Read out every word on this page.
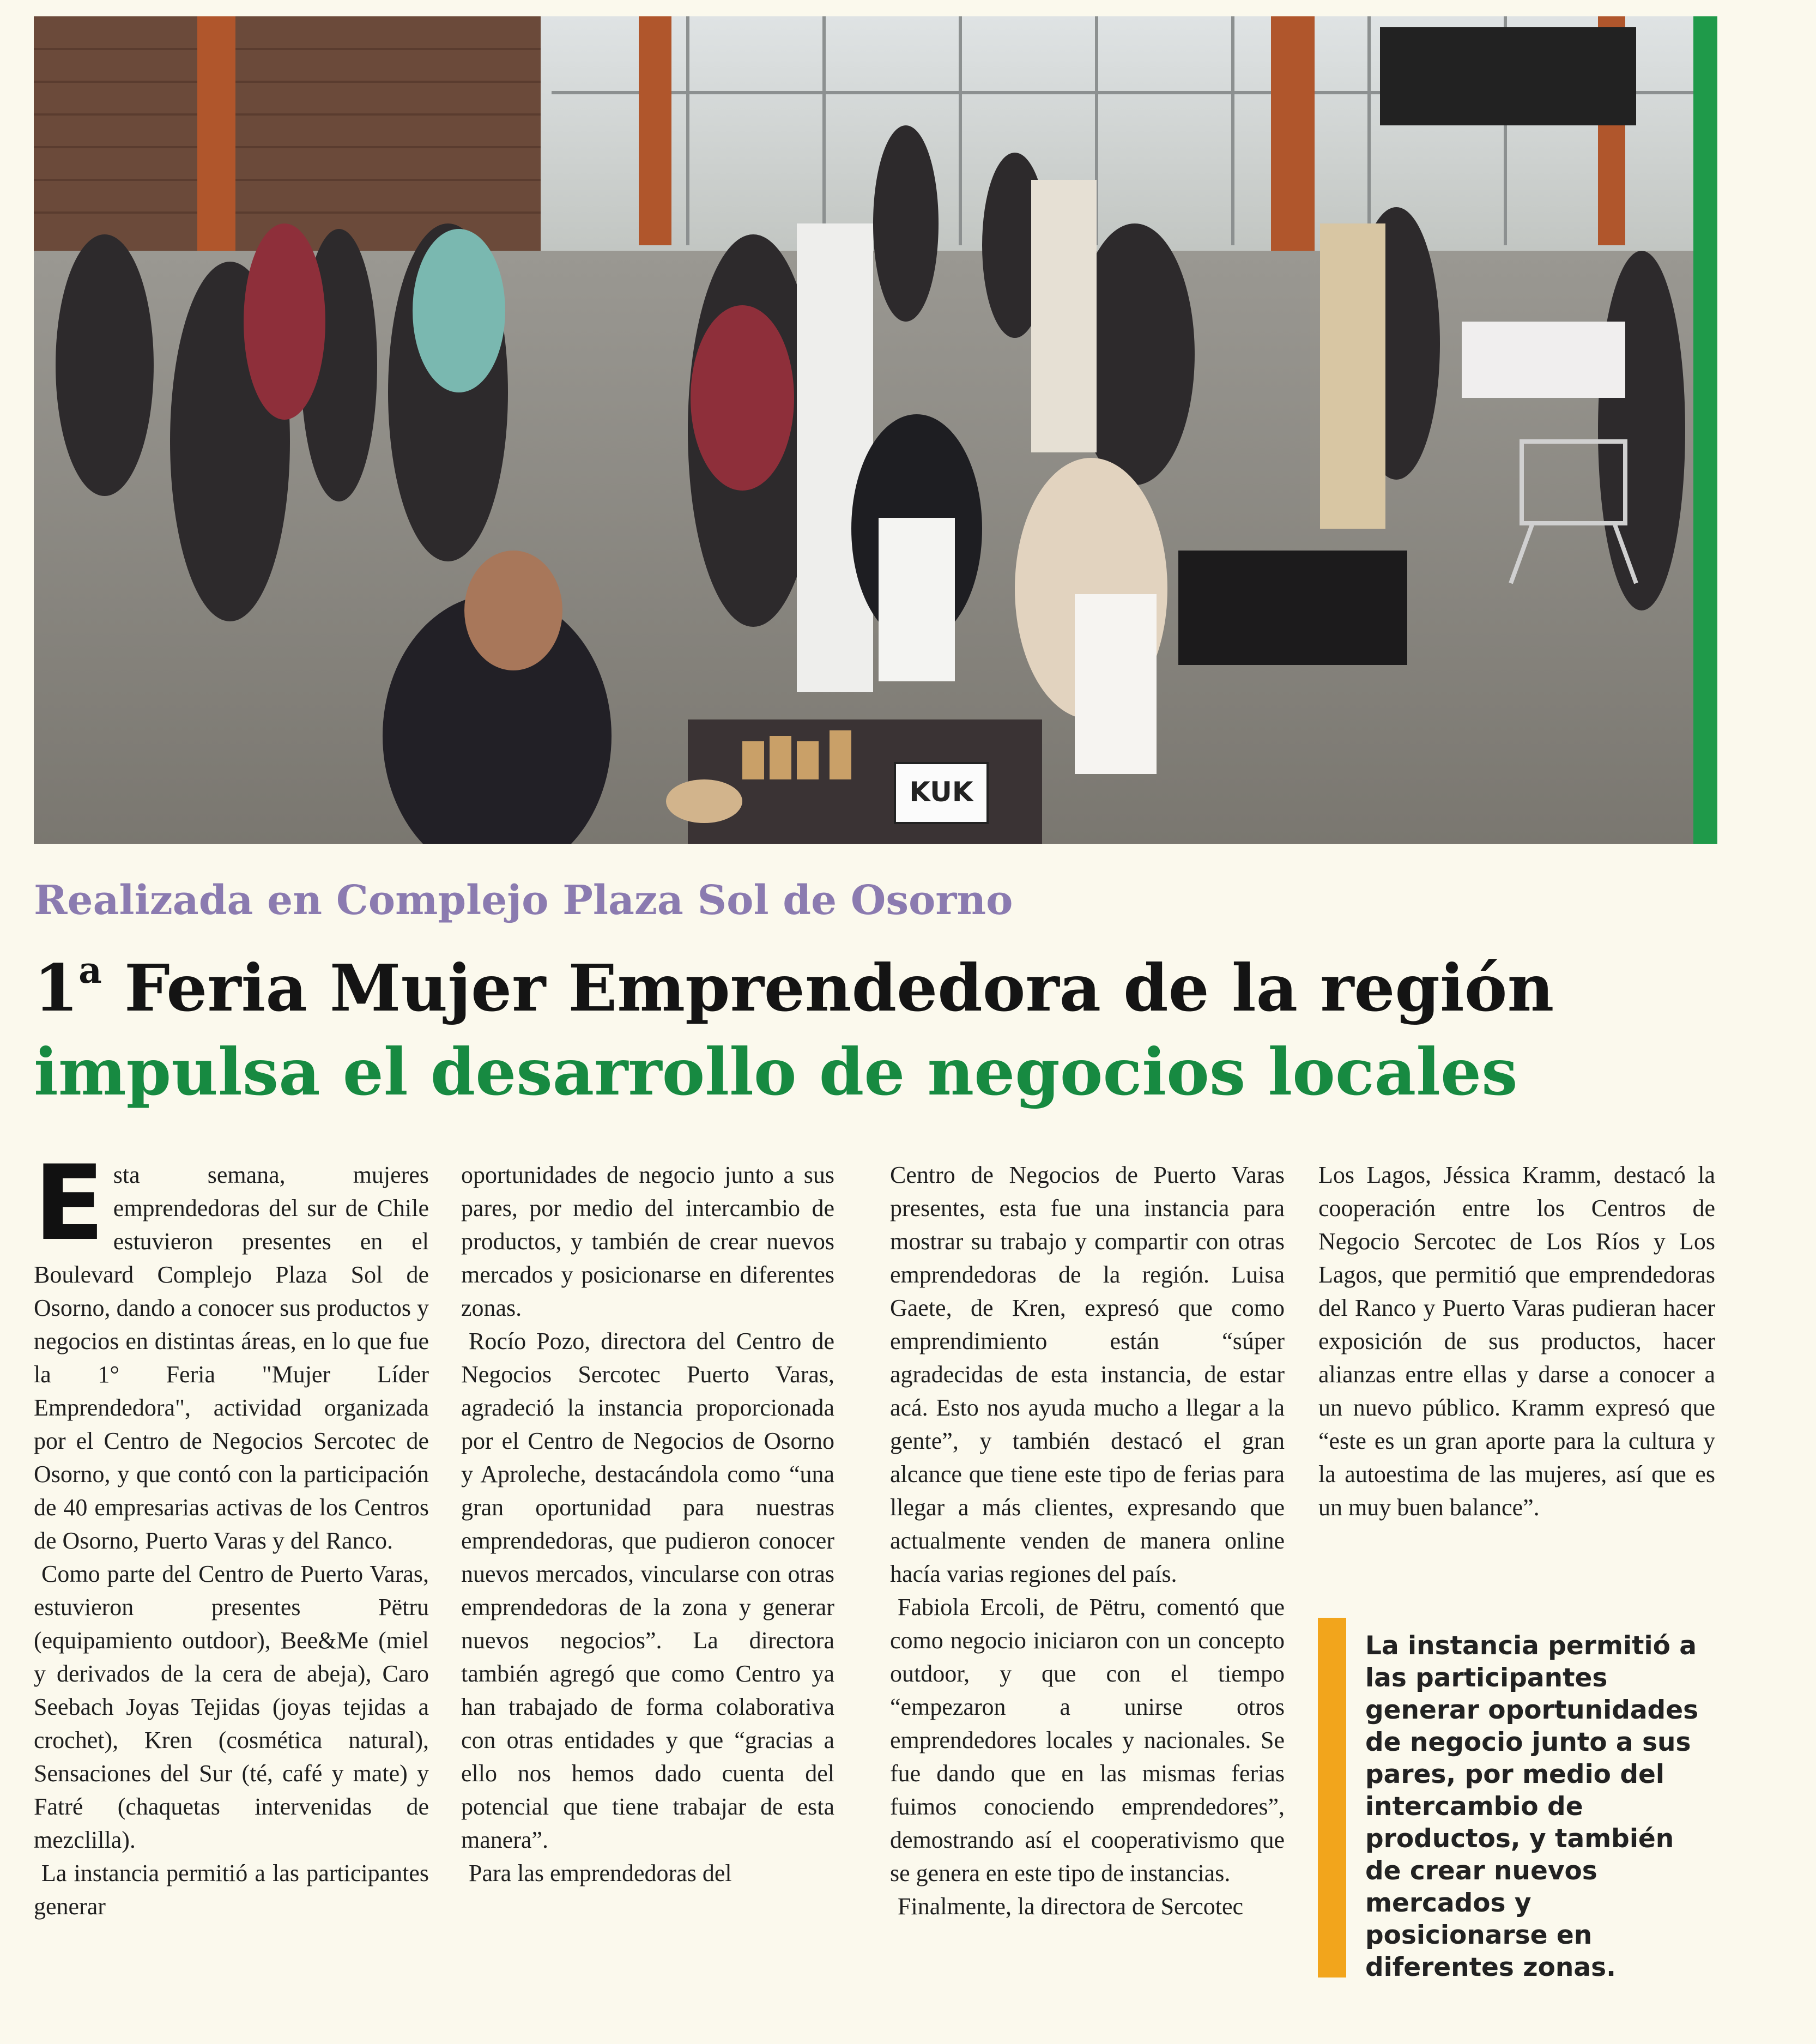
KUK
Realizada en Complejo Plaza Sol de Osorno
1$^a$ Feria Mujer Emprendedora de la región
impulsa el desarrollo de negocios locales

Esta semana, mujeres emprendedoras del sur de Chile estuvieron presentes en el Boulevard Complejo Plaza Sol de Osorno, dando a conocer sus productos y negocios en distintas áreas, en lo que fue la 1° Feria "Mujer Líder Emprendedora", actividad organizada por el Centro de Negocios Sercotec de Osorno, y que contó con la participación de 40 empresarias activas de los Centros de Osorno, Puerto Varas y del Ranco.

Como parte del Centro de Puerto Varas, estuvieron presentes Pëtru (equipamiento outdoor), Bee&Me (miel y derivados de la cera de abeja), Caro Seebach Joyas Tejidas (joyas tejidas a crochet), Kren (cosmética natural), Sensaciones del Sur (té, café y mate) y Fatré (chaquetas intervenidas de mezclilla).

La instancia permitió a las participantes generar

oportunidades de negocio junto a sus pares, por medio del intercambio de productos, y también de crear nuevos mercados y posicionarse en diferentes zonas.

Rocío Pozo, directora del Centro de Negocios Sercotec Puerto Varas, agradeció la instancia proporcionada por el Centro de Negocios de Osorno y Aproleche, destacándola como “una gran oportunidad para nuestras emprendedoras, que pudieron conocer nuevos mercados, vincularse con otras emprendedoras de la zona y generar nuevos negocios”. La directora también agregó que como Centro ya han trabajado de forma colaborativa con otras entidades y que “gracias a ello nos hemos dado cuenta del potencial que tiene trabajar de esta manera”.

Para las emprendedoras del

Centro de Negocios de Puerto Varas presentes, esta fue una instancia para mostrar su trabajo y compartir con otras emprendedoras de la región. Luisa Gaete, de Kren, expresó que como emprendimiento están “súper agradecidas de esta instancia, de estar acá. Esto nos ayuda mucho a llegar a la gente”, y también destacó el gran alcance que tiene este tipo de ferias para llegar a más clientes, expresando que actualmente venden de manera online hacía varias regiones del país.

Fabiola Ercoli, de Pëtru, comentó que como negocio iniciaron con un concepto outdoor, y que con el tiempo “empezaron a unirse otros emprendedores locales y nacionales. Se fue dando que en las mismas ferias fuimos conociendo emprendedores”, demostrando así el cooperativismo que se genera en este tipo de instancias.

Finalmente, la directora de Sercotec

Los Lagos, Jéssica Kramm, destacó la cooperación entre los Centros de Negocio Sercotec de Los Ríos y Los Lagos, que permitió que emprendedoras del Ranco y Puerto Varas pudieran hacer exposición de sus productos, hacer alianzas entre ellas y darse a conocer a un nuevo público. Kramm expresó que “este es un gran aporte para la cultura y la autoestima de las mujeres, así que es un muy buen balance”.

La instancia permitió a las participantes generar oportunidades de negocio junto a sus pares, por medio del intercambio de productos, y también de crear nuevos mercados y posicionarse en diferentes zonas.
